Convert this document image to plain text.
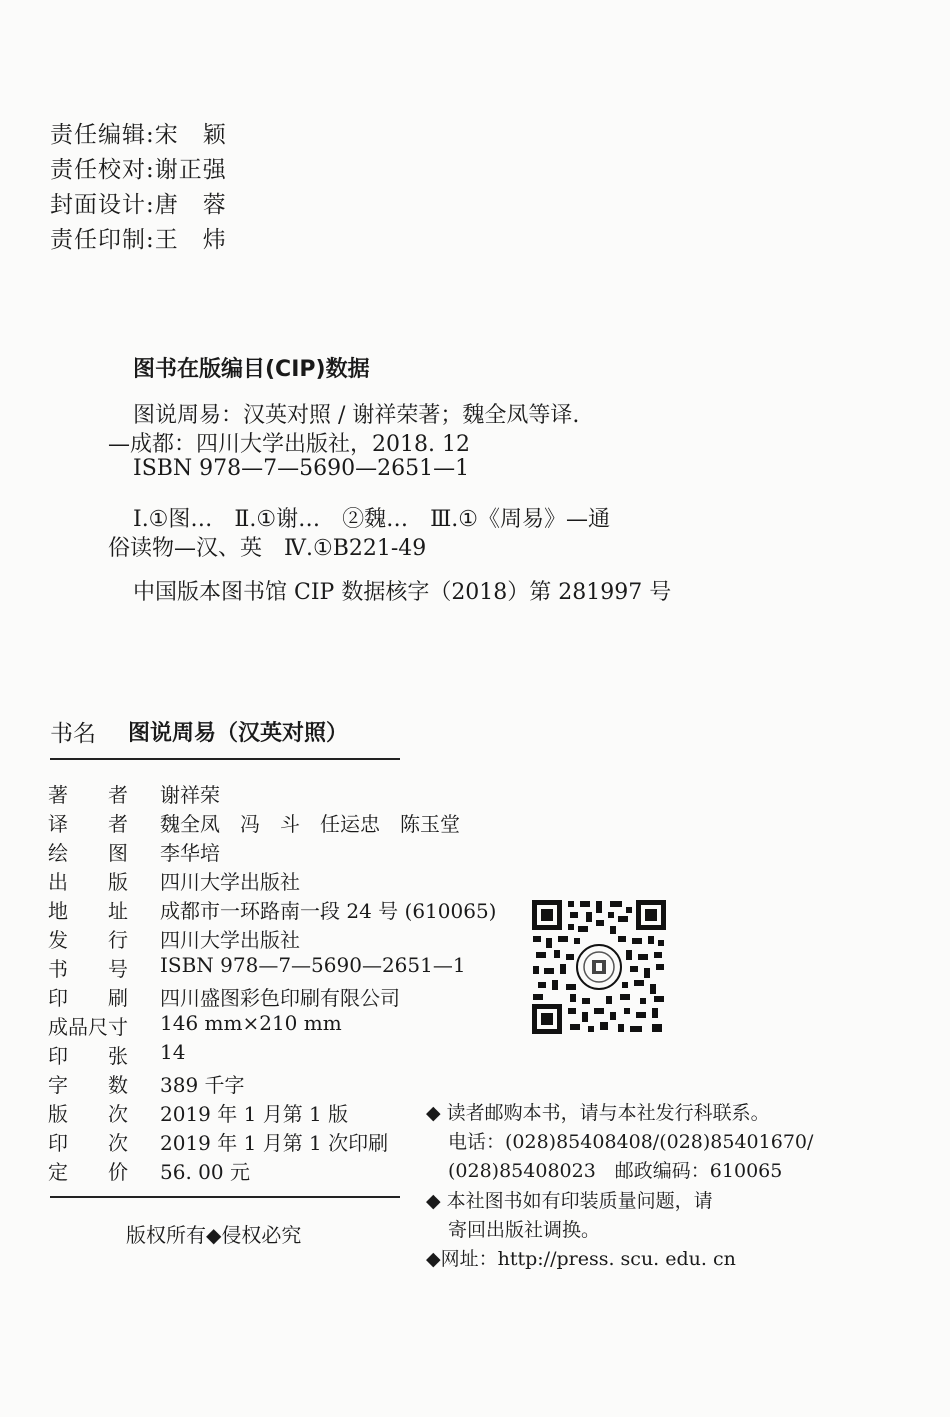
责任编辑:宋　颖
责任校对:谢正强
封面设计:唐　蓉
责任印制:王　炜
图书在版编目(CIP)数据
图说周易：汉英对照 / 谢祥荣著；魏全凤等译.
—成都：四川大学出版社，2018. 12
ISBN 978—7—5690—2651—1
Ⅰ.①图…　Ⅱ.①谢…　②魏…　Ⅲ.①《周易》—通
俗读物—汉、英　Ⅳ.①B221-49
中国版本图书馆 CIP 数据核字（2018）第 281997 号
书名 图说周易（汉英对照）
著　　者 谢祥荣
译　　者 魏全凤　冯　斗　任运忠　陈玉堂
绘　　图 李华培
出　　版 四川大学出版社
地　　址 成都市一环路南一段 24 号 (610065)
发　　行 四川大学出版社
书　　号 ISBN 978—7—5690—2651—1
印　　刷 四川盛图彩色印刷有限公司
成品尺寸 146 mm×210 mm
印　　张 14
字　　数 389 千字
版　　次 2019 年 1 月第 1 版
印　　次 2019 年 1 月第 1 次印刷
定　　价 56. 00 元
版权所有◆侵权必究
◆ 读者邮购本书，请与本社发行科联系。
电话：(028)85408408/(028)85401670/
(028)85408023　邮政编码：610065
◆ 本社图书如有印装质量问题，请
寄回出版社调换。
◆网址：http://press. scu. edu. cn
